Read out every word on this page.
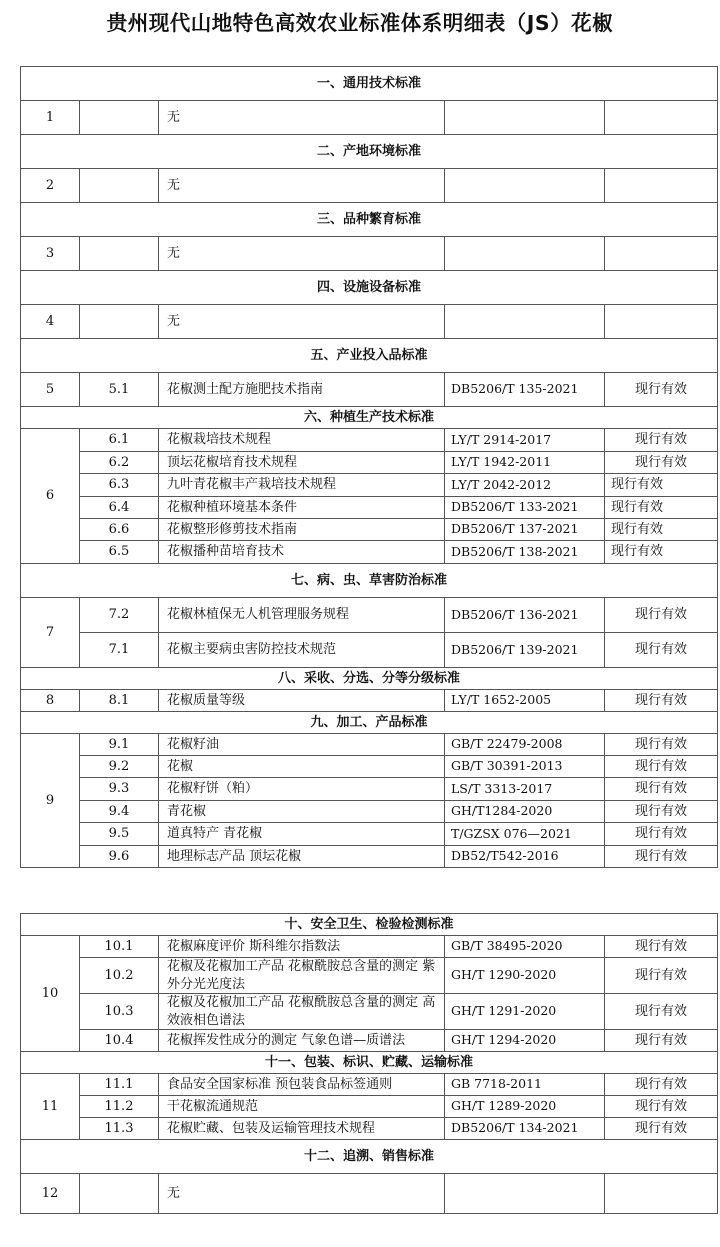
贵州现代山地特色高效农业标准体系明细表（JS）花椒
一、通用技术标准				
1		无		
二、产地环境标准				
2		无		
三、品种繁育标准				
3		无		
四、设施设备标准				
4		无		
五、产业投入品标准				
5	5.1	花椒测土配方施肥技术指南	DB5206/T 135-2021	现行有效
六、种植生产技术标准				
6	6.1	花椒栽培技术规程	LY/T 2914-2017	现行有效
	6.2	顶坛花椒培育技术规程	LY/T 1942-2011	现行有效
	6.3	九叶青花椒丰产栽培技术规程	LY/T 2042-2012	现行有效
	6.4	花椒种植环境基本条件	DB5206/T 133-2021	现行有效
	6.6	花椒整形修剪技术指南	DB5206/T 137-2021	现行有效
	6.5	花椒播种苗培育技术	DB5206/T 138-2021	现行有效
七、病、虫、草害防治标准				
7	7.2	花椒林植保无人机管理服务规程	DB5206/T 136-2021	现行有效
	7.1	花椒主要病虫害防控技术规范	DB5206/T 139-2021	现行有效
八、采收、分选、分等分级标准				
8	8.1	花椒质量等级	LY/T 1652-2005	现行有效
九、加工、产品标准				
9	9.1	花椒籽油	GB/T 22479-2008	现行有效
	9.2	花椒	GB/T 30391-2013	现行有效
	9.3	花椒籽饼（粕）	LS/T 3313-2017	现行有效
	9.4	青花椒	GH/T1284-2020	现行有效
	9.5	道真特产 青花椒	T/GZSX 076—2021	现行有效
	9.6	地理标志产品 顶坛花椒	DB52/T542-2016	现行有效
十、安全卫生、检验检测标准				
10	10.1	花椒麻度评价 斯科维尔指数法	GB/T 38495-2020	现行有效
	10.2	花椒及花椒加工产品 花椒酰胺总含量的测定 紫外分光光度法	GH/T 1290-2020	现行有效
	10.3	花椒及花椒加工产品 花椒酰胺总含量的测定 高效液相色谱法	GH/T 1291-2020	现行有效
	10.4	花椒挥发性成分的测定 气象色谱—质谱法	GH/T 1294-2020	现行有效
十一、包装、标识、贮藏、运输标准				
11	11.1	食品安全国家标准 预包装食品标签通则	GB 7718-2011	现行有效
	11.2	干花椒流通规范	GH/T 1289-2020	现行有效
	11.3	花椒贮藏、包装及运输管理技术规程	DB5206/T 134-2021	现行有效
十二、追溯、销售标准				
12		无		
